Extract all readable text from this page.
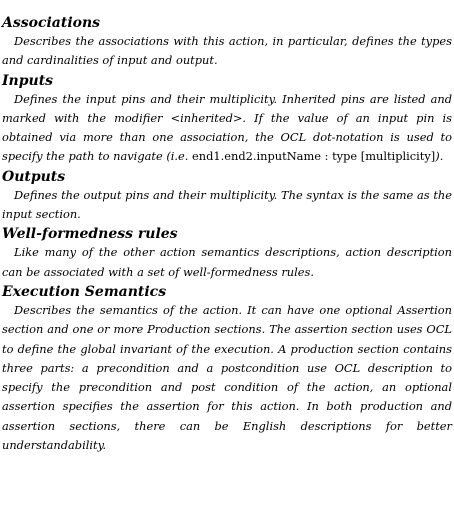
Associations

Describes the associations with this action, in particular, defines the types and cardinalities of input and output.

Inputs

Defines the input pins and their multiplicity. Inherited pins are listed and marked with the modifier <inherited>. If the value of an input pin is obtained via more than one association, the OCL dot-notation is used to specify the path to navigate (i.e. end1.end2.inputName : type [multiplicity]).

Outputs

Defines the output pins and their multiplicity. The syntax is the same as the input section.

Well-formedness rules

Like many of the other action semantics descriptions, action description can be associated with a set of well-formedness rules.

Execution Semantics

Describes the semantics of the action. It can have one optional Assertion section and one or more Production sections. The assertion section uses OCL to define the global invariant of the execution. A production section contains three parts: a precondition and a postcondition use OCL description to specify the precondition and post condition of the action, an optional assertion specifies the assertion for this action. In both production and assertion sections, there can be English descriptions for better understandability.
